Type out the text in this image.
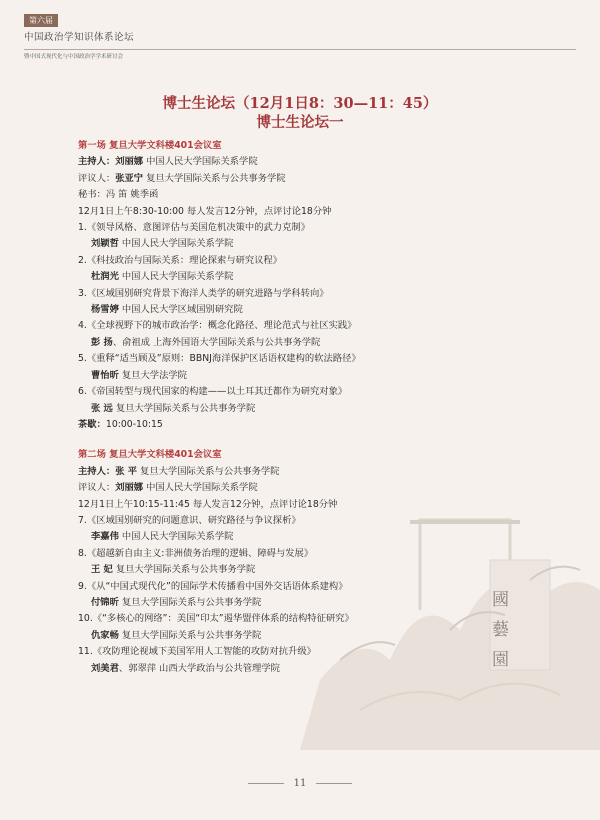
國藝園
第六届
中国政治学知识体系论坛
暨中国式现代化与中国政治学学术研讨会
博士生论坛（12月1日8：30—11：45）
博士生论坛一
第一场 复旦大学文科楼401会议室
主持人：刘丽娜 中国人民大学国际关系学院
评议人：张亚宁 复旦大学国际关系与公共事务学院
秘书：冯 笛 姚季函
12月1日上午8:30-10:00 每人发言12分钟，点评讨论18分钟
1.《领导风格、意图评估与美国危机决策中的武力克制》
刘颖哲 中国人民大学国际关系学院
2.《科技政治与国际关系：理论探索与研究议程》
杜润光 中国人民大学国际关系学院
3.《区域国别研究背景下海洋人类学的研究进路与学科转向》
杨雪婷 中国人民大学区域国别研究院
4.《全球视野下的城市政治学：概念化路径、理论范式与社区实践》
彭 扬、俞祖成 上海外国语大学国际关系与公共事务学院
5.《重释“适当顾及”原则：BBNJ海洋保护区话语权建构的软法路径》
曹怡昕 复旦大学法学院
6.《帝国转型与现代国家的构建——以土耳其迁都作为研究对象》
张 远 复旦大学国际关系与公共事务学院
茶歇：10:00-10:15
第二场 复旦大学文科楼401会议室
主持人：张 平 复旦大学国际关系与公共事务学院
评议人：刘丽娜 中国人民大学国际关系学院
12月1日上午10:15-11:45 每人发言12分钟，点评讨论18分钟
7.《区域国别研究的问题意识、研究路径与争议探析》
李嘉伟 中国人民大学国际关系学院
8.《超越新自由主义:非洲债务治理的逻辑、障碍与发展》
王 妃 复旦大学国际关系与公共事务学院
9.《从“中国式现代化”的国际学术传播看中国外交话语体系建构》
付锦昕 复旦大学国际关系与公共事务学院
10.《“多核心的网络”：美国“印太”遏华盟伴体系的结构特征研究》
仇家畅 复旦大学国际关系与公共事务学院
11.《攻防理论视域下美国军用人工智能的攻防对抗升级》
刘美君、郭翠萍 山西大学政治与公共管理学院
11
